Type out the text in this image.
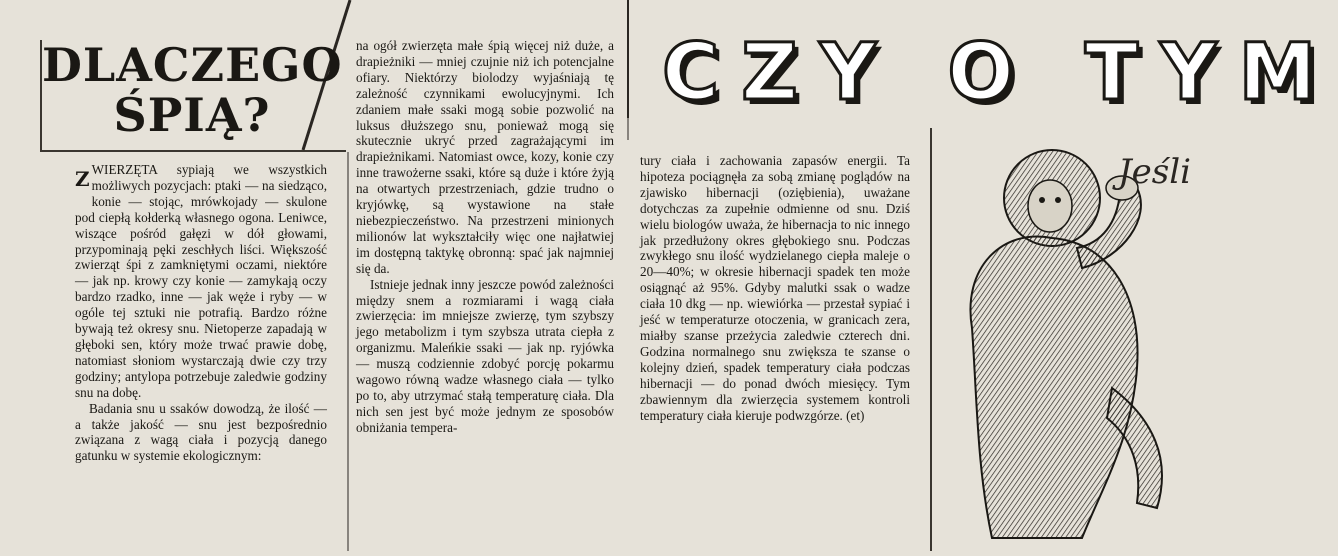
DLACZEGO
ŚPIĄ?

ZWIERZĘTA sypiają we wszystkich możliwych pozycjach: ptaki — na siedząco, konie — stojąc, mrówkojady — skulone pod ciepłą kołderką własnego ogona. Leniwce, wiszące pośród gałęzi w dół głowami, przypominają pęki zeschłych liści. Większość zwierząt śpi z zamkniętymi oczami, niektóre — jak np. krowy czy konie — zamykają oczy bardzo rzadko, inne — jak węże i ryby — w ogóle tej sztuki nie potrafią. Bardzo różne bywają też okresy snu. Nietoperze zapadają w głęboki sen, który może trwać prawie dobę, natomiast słoniom wystarczają dwie czy trzy godziny; antylopa potrzebuje zaledwie godziny snu na dobę.

Badania snu u ssaków dowodzą, że ilość — a także jakość — snu jest bezpośrednio związana z wagą ciała i pozycją danego gatunku w systemie ekologicznym:

na ogół zwierzęta małe śpią więcej niż duże, a drapieżniki — mniej czujnie niż ich potencjalne ofiary. Niektórzy biolodzy wyjaśniają tę zależność czynnikami ewolucyjnymi. Ich zdaniem małe ssaki mogą sobie pozwolić na luksus dłuższego snu, ponieważ mogą się skutecznie ukryć przed zagrażającymi im drapieżnikami. Natomiast owce, kozy, konie czy inne trawożerne ssaki, które są duże i które żyją na otwartych przestrzeniach, gdzie trudno o kryjówkę, są wystawione na stałe niebezpieczeństwo. Na przestrzeni minionych milionów lat wykształciły więc one najłatwiej im dostępną taktykę obronną: spać jak najmniej się da.

Istnieje jednak inny jeszcze powód zależności między snem a rozmiarami i wagą ciała zwierzęcia: im mniejsze zwierzę, tym szybszy jego metabolizm i tym szybsza utrata ciepła z organizmu. Maleńkie ssaki — jak np. ryjówka — muszą codziennie zdobyć porcję pokarmu wagowo równą wadze własnego ciała — tylko po to, aby utrzymać stałą temperaturę ciała. Dla nich sen jest być może jednym ze sposobów obniżania tempera-

tury ciała i zachowania zapasów energii. Ta hipoteza pociągnęła za sobą zmianę poglądów na zjawisko hibernacji (oziębienia), uważane dotychczas za zupełnie odmienne od snu. Dziś wielu biologów uważa, że hibernacja to nic innego jak przedłużony okres głębokiego snu. Podczas zwykłego snu ilość wydzielanego ciepła maleje o 20—40%; w okresie hibernacji spadek ten może osiągnąć aż 95%. Gdyby malutki ssak o wadze ciała 10 dkg — np. wiewiórka — przestał sypiać i jeść w temperaturze otoczenia, w granicach zera, miałby szanse przeżycia zaledwie czterech dni. Godzina normalnego snu zwiększa te szanse o kolejny dzień, spadek temperatury ciała podczas hibernacji — do ponad dwóch miesięcy. Tym zbawiennym dla zwierzęcia systemem kontroli temperatury ciała kieruje podwzgórze. (et)

CZY O TYM
Jeśli
